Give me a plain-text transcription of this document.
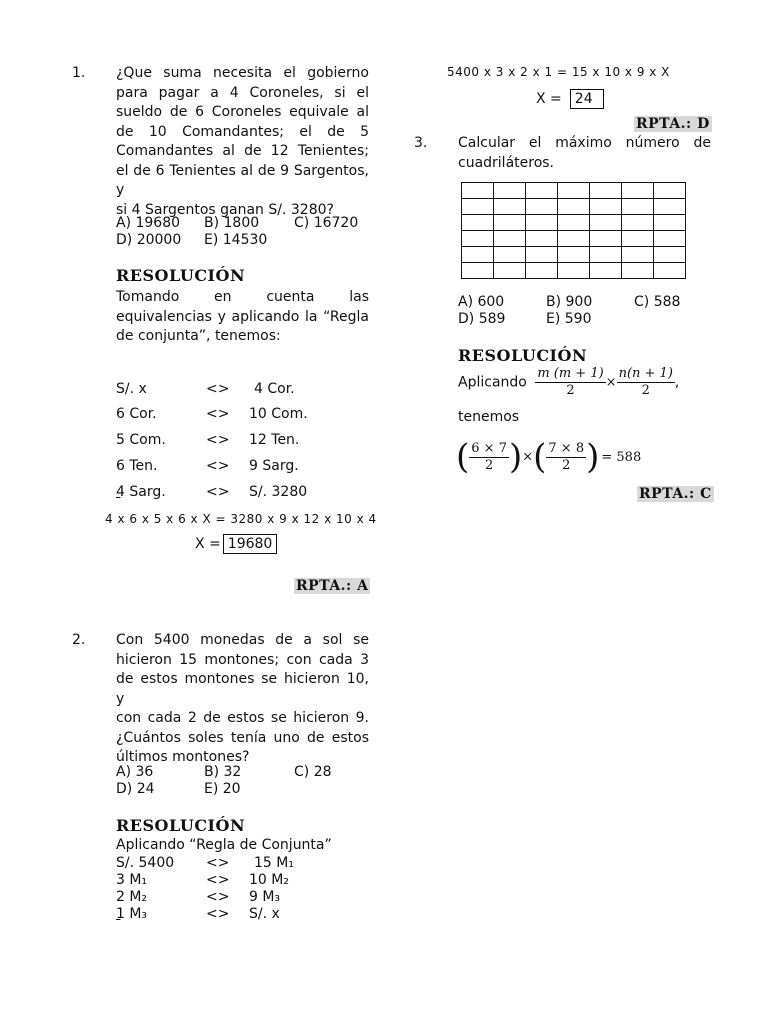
1. ¿Que suma necesita el gobierno
para pagar a 4 Coroneles, si el
sueldo de 6 Coroneles equivale al
de 10 Comandantes; el de 5
Comandantes al de 12 Tenientes;
el de 6 Tenientes al de 9 Sargentos, y
si 4 Sargentos ganan S/. 3280?
A) 19680 B) 1800 C) 16720
D) 20000 E) 14530
RESOLUCIÓN
Tomando en cuenta las
equivalencias y aplicando la “Regla
de conjunta”, tenemos:
S/. x	<> 4 Cor.
6 Cor.	<> 10 Com.
5 Com.	<> 12 Ten.
6 Ten.	<> 9 Sarg.
4 Sarg.	<> S/. 3280

4 x 6 x 5 x 6 x X = 3280 x 9 x 12 x 10 x 4
X = 19680
RPTA.: A
2. Con 5400 monedas de a sol se
hicieron 15 montones; con cada 3
de estos montones se hicieron 10, y
con cada 2 de estos se hicieron 9.
¿Cuántos soles tenía uno de estos
últimos montones?
A) 36	B) 32	C) 28
D) 24	E) 20
RESOLUCIÓN
Aplicando “Regla de Conjunta”
S/. 5400 <> 15 M₁
3 M₁	<> 10 M₂
2 M₂	<> 9 M₃
1 M₃	<> S/. x

5400 x 3 x 2 x 1 = 15 x 10 x 9 x X
X = 24
RPTA.: D
3. Calcular el máximo número de
cuadriláteros.

A) 600	B) 900	C) 588
D) 589	E) 590
RESOLUCIÓN
Aplicando $\frac{m (m + 1)}{2} \times \frac{n(n + 1)}{2}$ ,
tenemos
( $\frac{6 \times 7}{2}$ )×( $\frac{7 \times 8}{2}$ ) = 588
RPTA.: C
